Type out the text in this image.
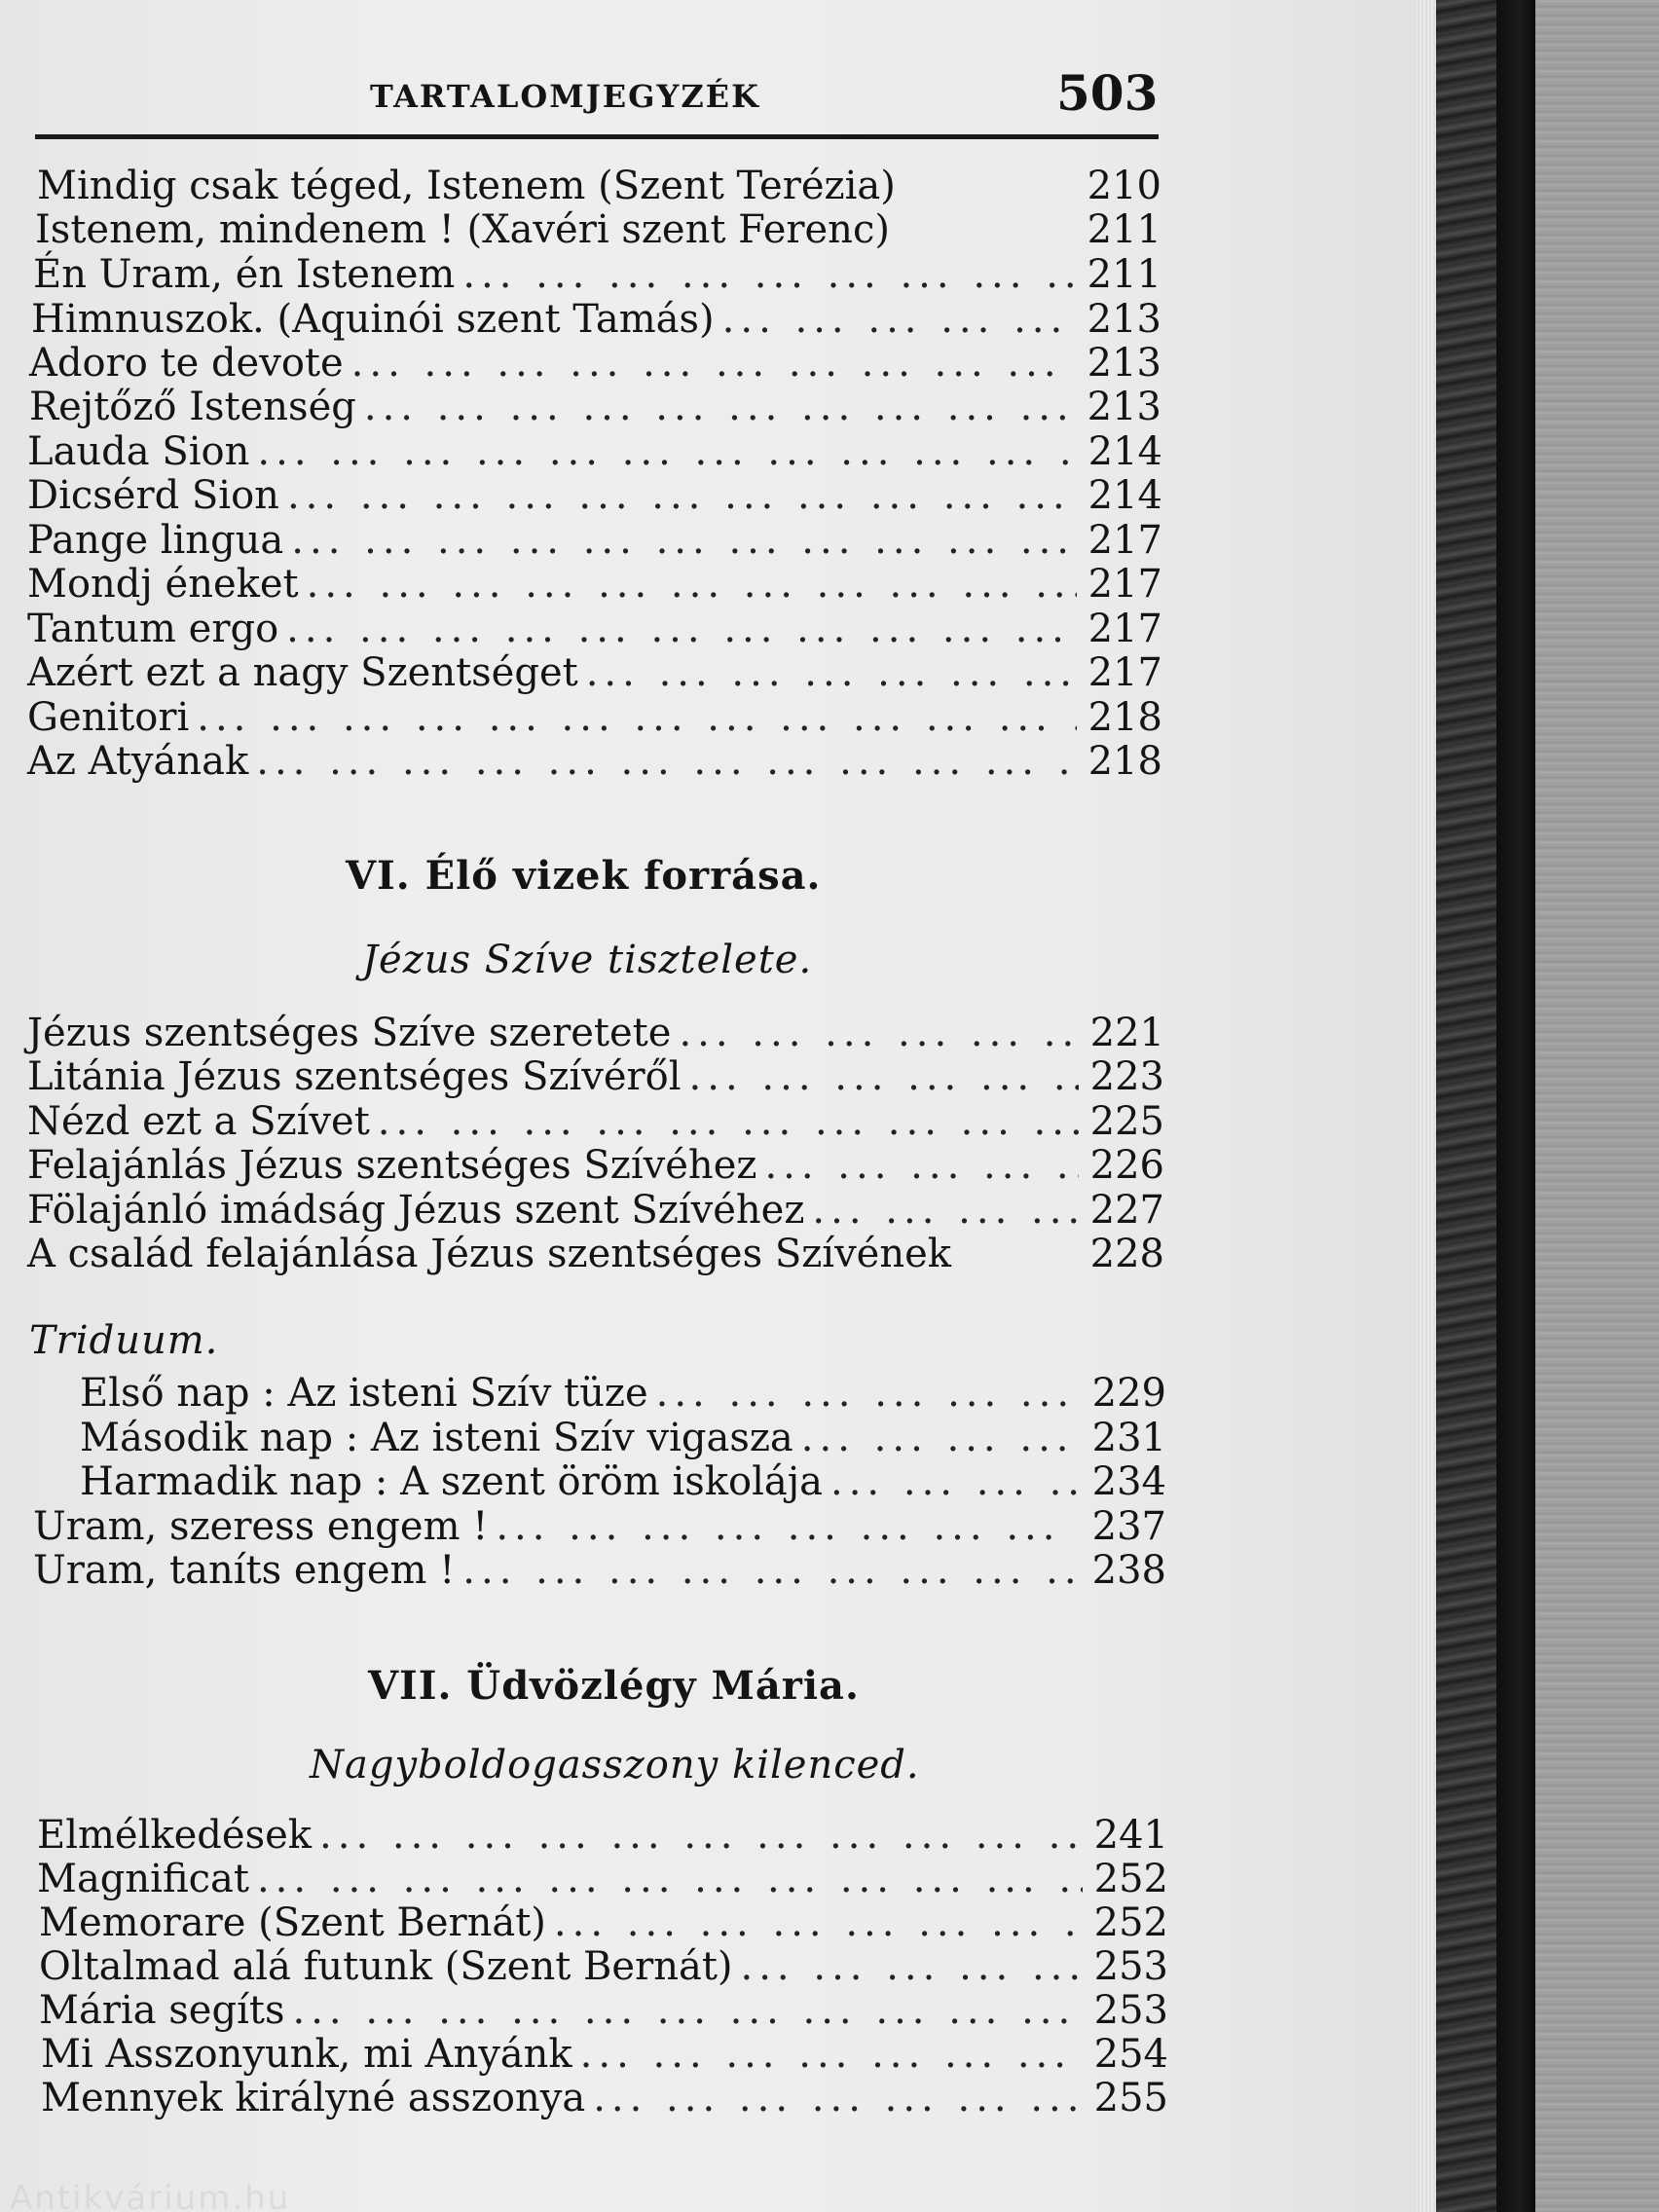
TARTALOMJEGYZÉK	503
Mindig csak téged, Istenem (Szent Terézia)	210
Istenem, mindenem ! (Xavéri szent Ferenc)	211
Én Uram, én Istenem ... .	211
Himnuszok. (Aquinói szent Tamás) ... .	213
Adoro te devote ... .	213
Rejtőző Istenség ... .	213
Lauda Sion ... .	214
Dicsérd Sion ... .	214
Pange lingua ... .	217
Mondj éneket ... .	217
Tantum ergo ... .	217
Azért ezt a nagy Szentséget ... .	217
Genitori ... .	218
Az Atyának ... .	218
VI. Élő vizek forrása.
Jézus Szíve tisztelete.
Jézus szentséges Szíve szeretete ... .	221
Litánia Jézus szentséges Szívéről ... .	223
Nézd ezt a Szívet ... .	225
Felajánlás Jézus szentséges Szívéhez ... .	226
Fölajánló imádság Jézus szent Szívéhez ... .	227
A család felajánlása Jézus szentséges Szívének	228
Triduum.
Első nap : Az isteni Szív tüze ... .	229
Második nap : Az isteni Szív vigasza ... .	231
Harmadik nap : A szent öröm iskolája ... .	234
Uram, szeress engem ! ... .	237
Uram, taníts engem ! ... .	238
VII. Üdvözlégy Mária.
Nagyboldogasszony kilenced.
Elmélkedések ... .	241
Magnificat ... .	252
Memorare (Szent Bernát) ... .	252
Oltalmad alá futunk (Szent Bernát) ... .	253
Mária segíts ... .	253
Mi Asszonyunk, mi Anyánk ... .	254
Mennyek királyné asszonya ... .	255
Antikvárium.hu
